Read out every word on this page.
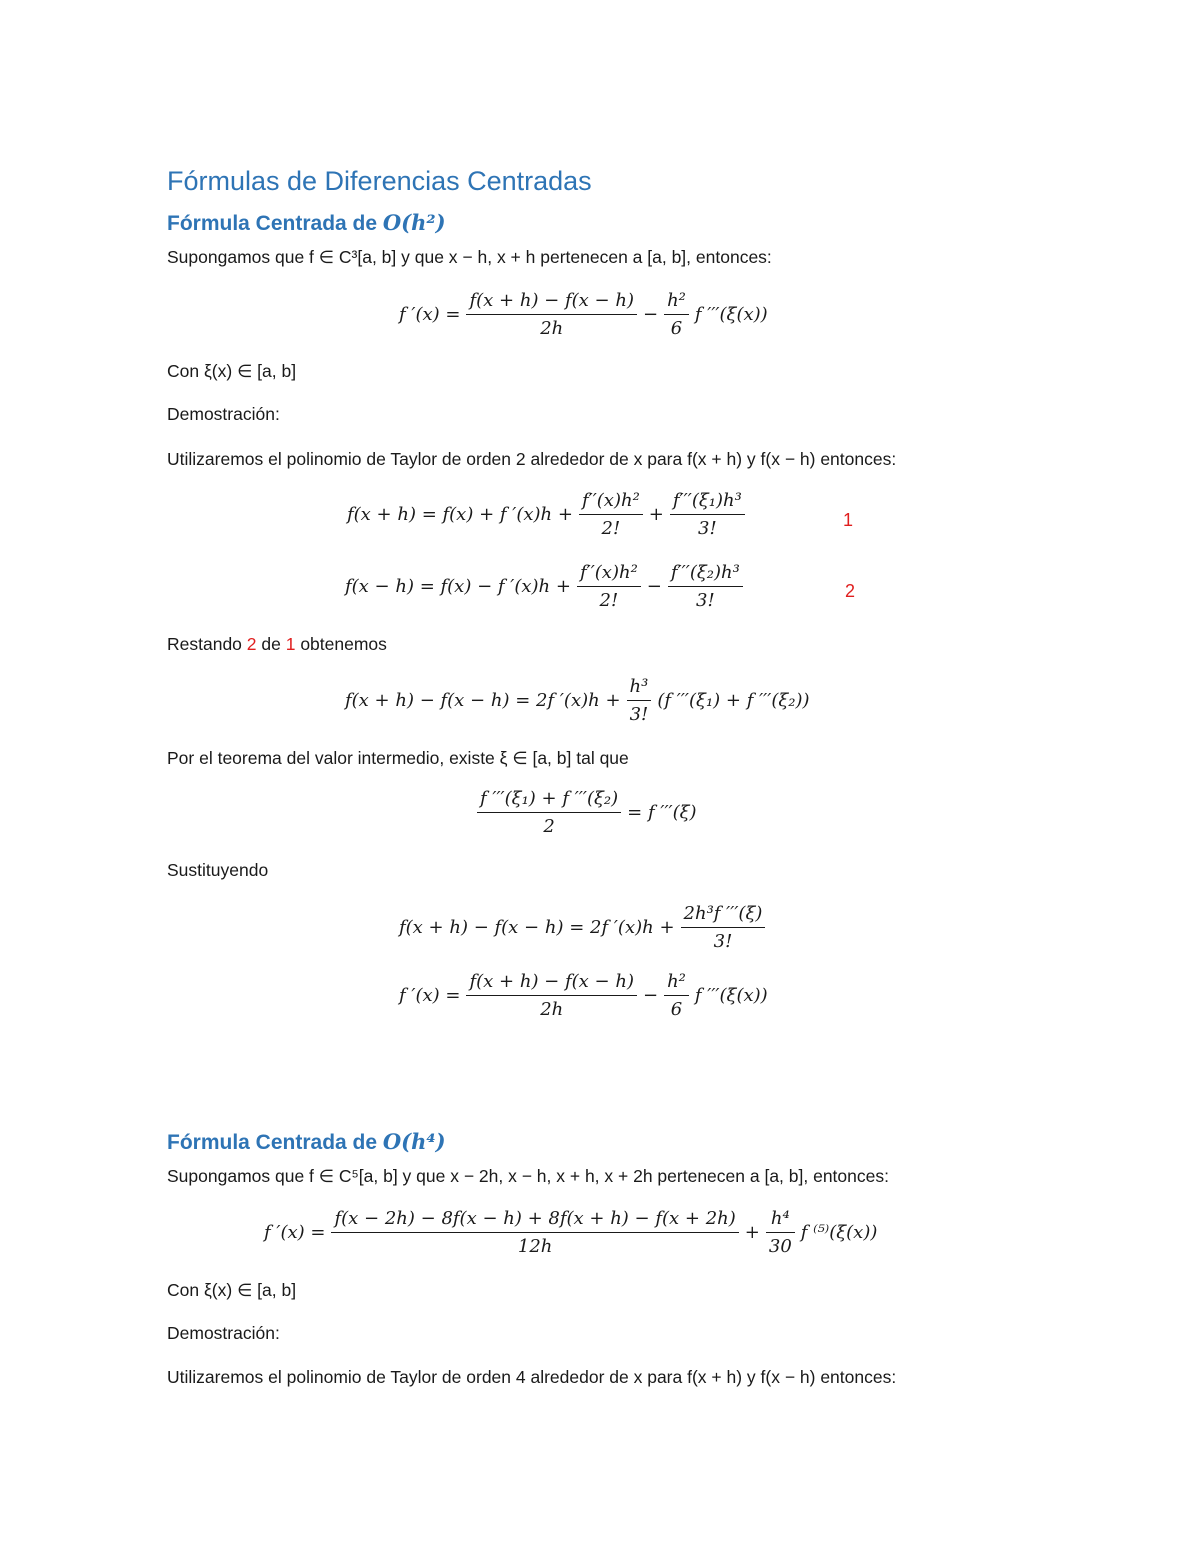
Fórmulas de Diferencias Centradas
Fórmula Centrada de O(h²)
Supongamos que f ∈ C³[a, b] y que x − h, x + h pertenecen a [a, b], entonces:
f $'(x) = \frac{f(x + h) - f(x - h)}{2h} - \frac{\text{h²}}{6}$ f ′′′(ξ(x))
Con ξ(x) ∈ [a, b]
Demostración:
Utilizaremos el polinomio de Taylor de orden 2 alrededor de x para f(x + h) y f(x − h) entonces:
f(x + h) = f(x) + f $'(x)h + \frac{\text{f′′(x)h²}}{2!} + \frac{\text{f′′′(ξ₁)h³}}{3!}$	1
f(x − h) = f(x) − f $'(x)h + \frac{\text{f′′(x)h²}}{2!} - \frac{\text{f′′′(ξ₂)h³}}{3!}$	2
Restando 2 de 1 obtenemos
f(x + h) − f(x − h) = 2f $'(x)h + \frac{\text{h³}}{3!} (f$ ′′′(ξ₁) + f ′′′(ξ₂))
Por el teorema del valor intermedio, existe ξ ∈ [a, b] tal que
$\frac{\text{f ′′′(ξ₁) + f ′′′(ξ₂)}}{2} = f$ ′′′(ξ)
Sustituyendo
f(x + h) − f(x − h) = 2f $'(x)h + \frac{\text{2h³f ′′′(ξ)}}{3!}$
f $'(x) = \frac{f(x + h) - f(x - h)}{2h} - \frac{\text{h²}}{6}$ f ′′′(ξ(x))
Fórmula Centrada de O(h⁴)
Supongamos que f ∈ C⁵[a, b] y que x − 2h, x − h, x + h, x + 2h pertenecen a [a, b], entonces:
f $'(x) = \frac{f(x - 2h) - 8f(x - h) + 8f(x + h) - f(x + 2h)}{12h} + \frac{\text{h⁴}}{30}$ f ⁽⁵⁾(ξ(x))
Con ξ(x) ∈ [a, b]
Demostración:
Utilizaremos el polinomio de Taylor de orden 4 alrededor de x para f(x + h) y f(x − h) entonces:
